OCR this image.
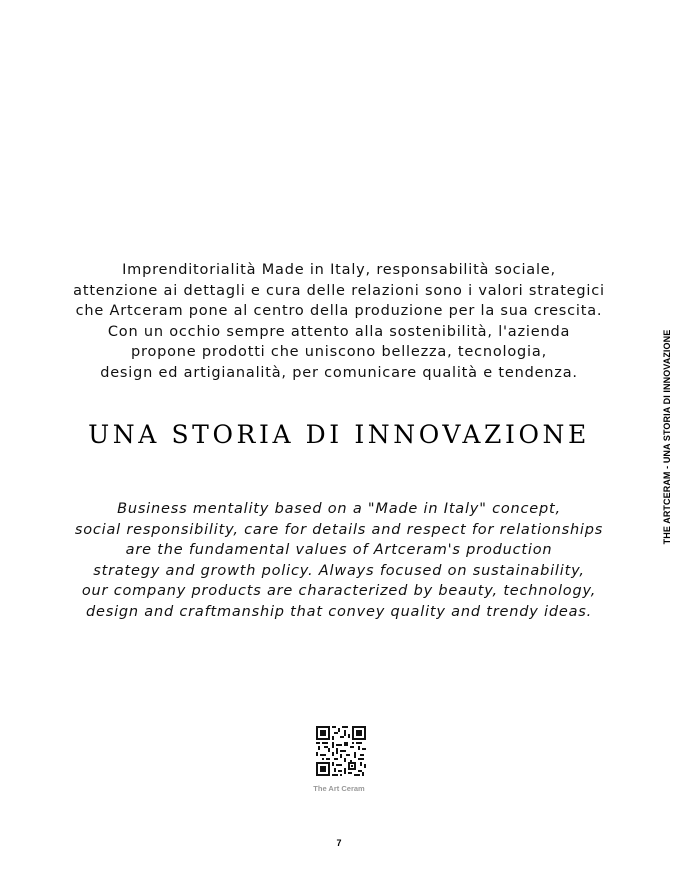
Imprenditorialità Made in Italy, responsabilità sociale,
attenzione ai dettagli e cura delle relazioni sono i valori strategici
che Artceram pone al centro della produzione per la sua crescita.
Con un occhio sempre attento alla sostenibilità, l'azienda
propone prodotti che uniscono bellezza, tecnologia,
design ed artigianalità, per comunicare qualità e tendenza.
UNA STORIA DI INNOVAZIONE
Business mentality based on a "Made in Italy" concept,
social responsibility, care for details and respect for relationships
are the fundamental values of Artceram's production
strategy and growth policy. Always focused on sustainability,
our company products are characterized by beauty, technology,
design and craftmanship that convey quality and trendy ideas.
THE ARTCERAM - UNA STORIA DI INNOVAZIONE
The Art Ceram
7
